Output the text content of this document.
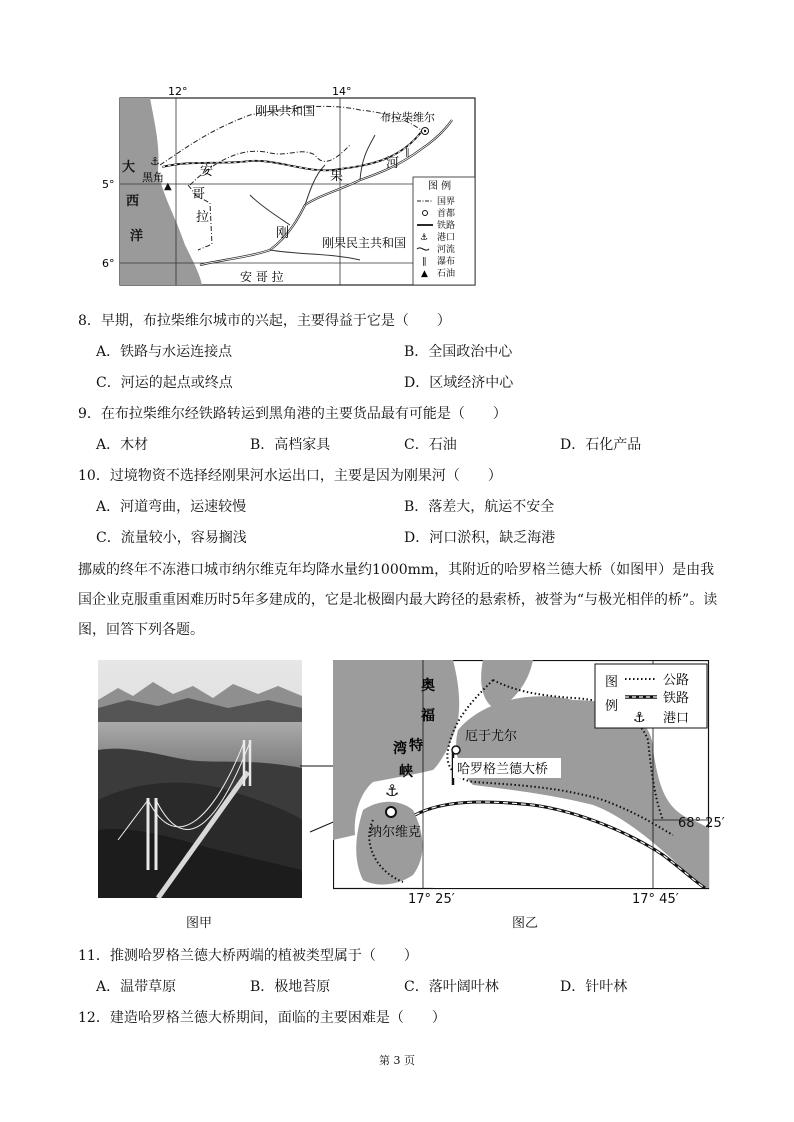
⚓
▲
∥
12°	14°
5°
6°
刚果共和国	布拉柴维尔
黑角
刚果民主共和国
安 哥 拉
大
西
洋
安
哥
拉
果
河
刚
图 例
国界
首都
铁路
⚓ 港口
河流
∥ 瀑布
▲ 石油
8．早期，布拉柴维尔城市的兴起，主要得益于它是（　　）
A．铁路与水运连接点	B．全国政治中心
C．河运的起点或终点	D．区域经济中心
9．在布拉柴维尔经铁路转运到黑角港的主要货品最有可能是（　　）
A．木材	B．高档家具	C．石油	D．石化产品
10．过境物资不选择经刚果河水运出口，主要是因为刚果河（　　）
A．河道弯曲，运速较慢	B．落差大，航运不安全
C．流量较小，容易搁浅	D．河口淤积，缺乏海港
挪威的终年不冻港口城市纳尔维克年均降水量约1000mm，其附近的哈罗格兰德大桥（如图甲）是由我国企业克服重重困难历时5年多建成的，它是北极圈内最大跨径的悬索桥，被誉为“与极光相伴的桥”。读图，回答下列各题。
⚓
奥
福
特
峡
湾
厄于尤尔
哈罗格兰德大桥
纳尔维克
图
例
公路
铁路
⚓ 港口
68° 25′
17° 25′	17° 45′
图甲	图乙
11．推测哈罗格兰德大桥两端的植被类型属于（　　）
A．温带草原	B．极地苔原	C．落叶阔叶林	D．针叶林
12．建造哈罗格兰德大桥期间，面临的主要困难是（　　）
第 3 页
